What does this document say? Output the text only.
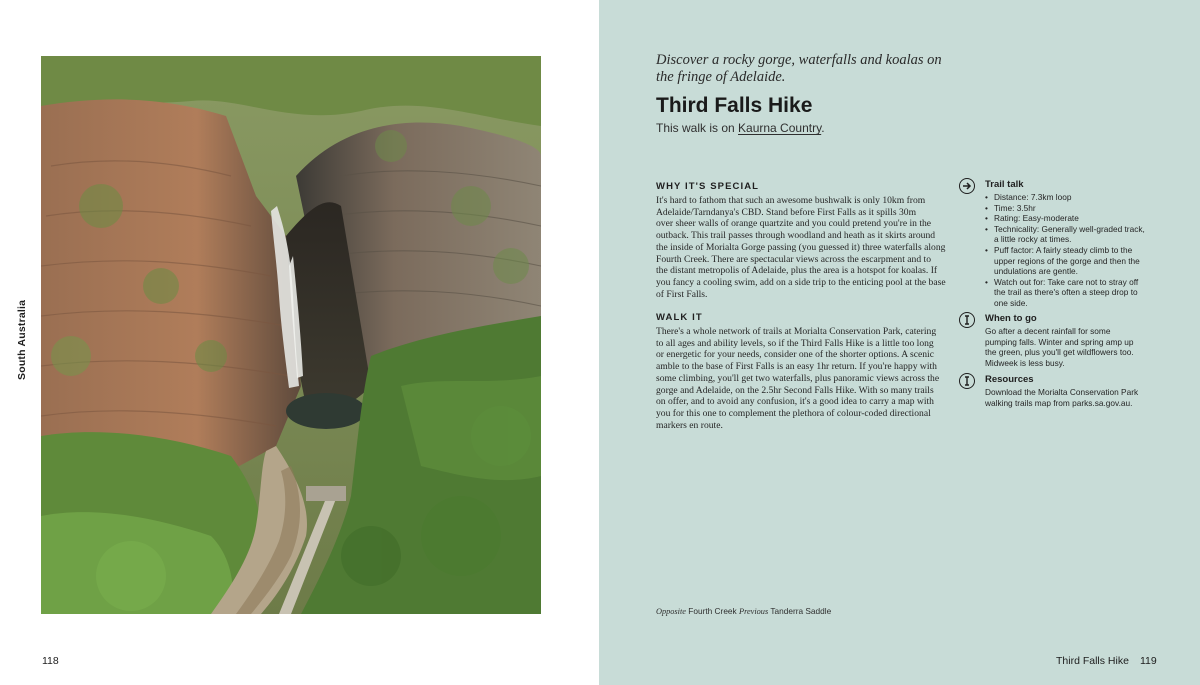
South Australia
118
Discover a rocky gorge, waterfalls and koalas on
the fringe of Adelaide.
Third Falls Hike
This walk is on Kaurna Country.
WHY IT'S SPECIAL
It's hard to fathom that such an awesome bushwalk is only 10km from
Adelaide/Tarndanya's CBD. Stand before First Falls as it spills 30m
over sheer walls of orange quartzite and you could pretend you're in the
outback. This trail passes through woodland and heath as it skirts around
the inside of Morialta Gorge passing (you guessed it) three waterfalls along
Fourth Creek. There are spectacular views across the escarpment and to
the distant metropolis of Adelaide, plus the area is a hotspot for koalas. If
you fancy a cooling swim, add on a side trip to the enticing pool at the base
of First Falls.
WALK IT
There's a whole network of trails at Morialta Conservation Park, catering
to all ages and ability levels, so if the Third Falls Hike is a little too long
or energetic for your needs, consider one of the shorter options. A scenic
amble to the base of First Falls is an easy 1hr return. If you're happy with
some climbing, you'll get two waterfalls, plus panoramic views across the
gorge and Adelaide, on the 2.5hr Second Falls Hike. With so many trails
on offer, and to avoid any confusion, it's a good idea to carry a map with
you for this one to complement the plethora of colour-coded directional
markers en route.
Trail talk
• Distance: 7.3km loop
• Time: 3.5hr
• Rating: Easy-moderate
• Technicality: Generally well-graded track,
a little rocky at times.
• Puff factor: A fairly steady climb to the
upper regions of the gorge and then the
undulations are gentle.
• Watch out for: Take care not to stray off
the trail as there's often a steep drop to
one side.
When to go
Go after a decent rainfall for some
pumping falls. Winter and spring amp up
the green, plus you'll get wildflowers too.
Midweek is less busy.
Resources
Download the Morialta Conservation Park
walking trails map from parks.sa.gov.au.
Opposite Fourth Creek Previous Tanderra Saddle
Third Falls Hike 119
